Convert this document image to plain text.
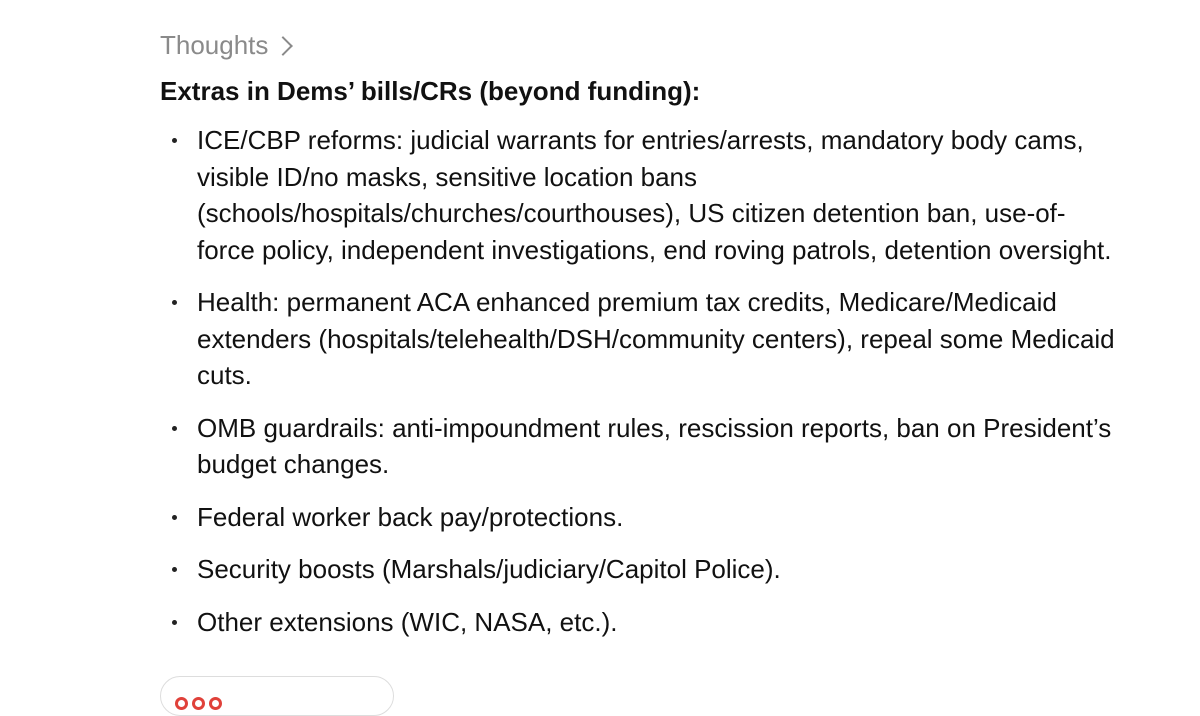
Thoughts
Extras in Dems’ bills/CRs (beyond funding):
ICE/CBP reforms: judicial warrants for entries/arrests, mandatory body cams, visible ID/no masks, sensitive location bans (schools/hospitals/churches/courthouses), US citizen detention ban, use-of-force policy, independent investigations, end roving patrols, detention oversight.
Health: permanent ACA enhanced premium tax credits, Medicare/Medicaid extenders (hospitals/telehealth/DSH/community centers), repeal some Medicaid cuts.
OMB guardrails: anti-impoundment rules, rescission reports, ban on President’s budget changes.
Federal worker back pay/protections.
Security boosts (Marshals/judiciary/Capitol Police).
Other extensions (WIC, NASA, etc.).
